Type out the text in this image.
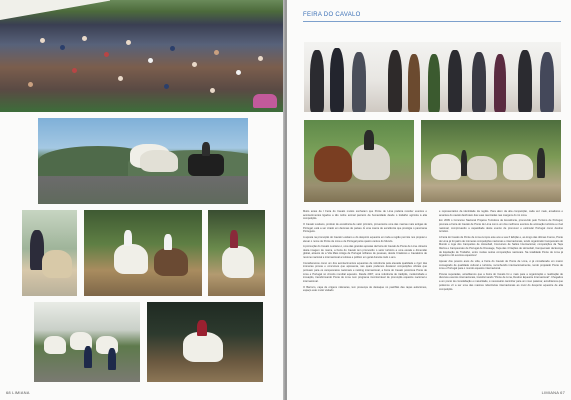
68 LIMIANA
FEIRA DO CAVALO

Muito antes da I Feira do Cavalo muitos sonharam que Ponte de Lima poderia receber eventos e acontecimentos ligados a tão nobre animal parceiro da humanidade desde o trabalho agrícola à alta competição.

O Cavalo Lusitano, produto de excelência de valor primário, proveniente uma das marcas mais antigas de Portugal, está a ser criado em dezenas de países. É uma marca de excelência que prestigia o panorama Português.

A aposta na promoção do Cavalo Lusitano e do desporto equestre em toda a região permite nos projetar e elevar o nome de Ponte de Lima e de Portugal pelos quatro cantos do Mundo.

A promoção do Cavalo Lusitano é, uma das grandes apostas da Feira do Cavalo de Ponte de Lima. Através desta imagem de marca, a Feira do Cavalo tem promovido o setor turístico a uma escala e dimensão global, através de a Vila Mais Antiga de Portugal milhares de pessoas, desde Criadores e Cavaleiros de renome nacional e internacional a turistas e público em geral durante todo o ano.

Consideramos como um dos acontecimentos equestres de referência pela elevada qualidade e rigor das inúmeras provas e concursos que apresenta, nas quais podemos destacar competições oficiais que pontuam para os campeonatos nacionais e ranking internacional, a Feira do Cavalo posiciona Ponte de Lima e Portugal no circuito mundial equestre. Desde 2007, uma referência de tradição, modernidade e inovação, transformando Ponte de Lima num programa incontornável de promoção equestre nacional e internacional.

O Barroco, capa de origens milenares, tem presença de destaque no pavilhão das raças autóctones, espaço este muito visitado

e representativo da identidade da região. Para além da alta competição, cada vez mais, amadores e amantes do cavalo desfrutam das suas reentradas nas margens do rio Lima.

Em 2009 o Concurso Nacional Projetos Turísticos de Excelência, promovido pelo Turismo de Portugal, premeia a Feira do Cavalo de Ponte de Lima como um dos melhores eventos de animação turística a nível nacional, comprovando a capacidade deste evento de promover e estimular Portugal como destino turístico.

A Feira do Cavalo de Ponte de Lima cumpre este ano a sua X Edição e, ao longo das últimas 9 anos, Ponte de Lima já foi palco de inúmeras competições nacionais e internacionais, tendo organizado Campeonato do Mundo e Liga dos Campeões de Horseball, Concursos de Saltos Internacional, competições da Taça Ibérica e Campeonato de Portugal de Dressage, Taça das 4 Nações de Horseball, Campeonato da Europa de Equitação de Trabalho, entre muitas outras competições nacionais. Na totalidade Ponte de Lima já organizou 44 eventos equestres!

Apesar dos poucos anos de vida, a Feira do Cavalo de Ponte de Lima, é já considerada um marco consagrado de qualidade cultural e turística, reconhecido internacionalmente, tendo projetado Ponte de Lima e Portugal para o mundo equestre internacional.

Provas superadas, acreditamos que a Feira do Cavalo foi e mais para a organização e realização de diversos eventos internacionais, transformando "Ponte de Lima, Destino Equestre Internacional". Chegados a um ponto de consolidação e maturidade, é necessário caminhar para um novo patamar, acreditamos que podemos vir a ser uma das maiores referências internacionais ao nível do desporto equestre de alta competição.

LIMIANA 67
